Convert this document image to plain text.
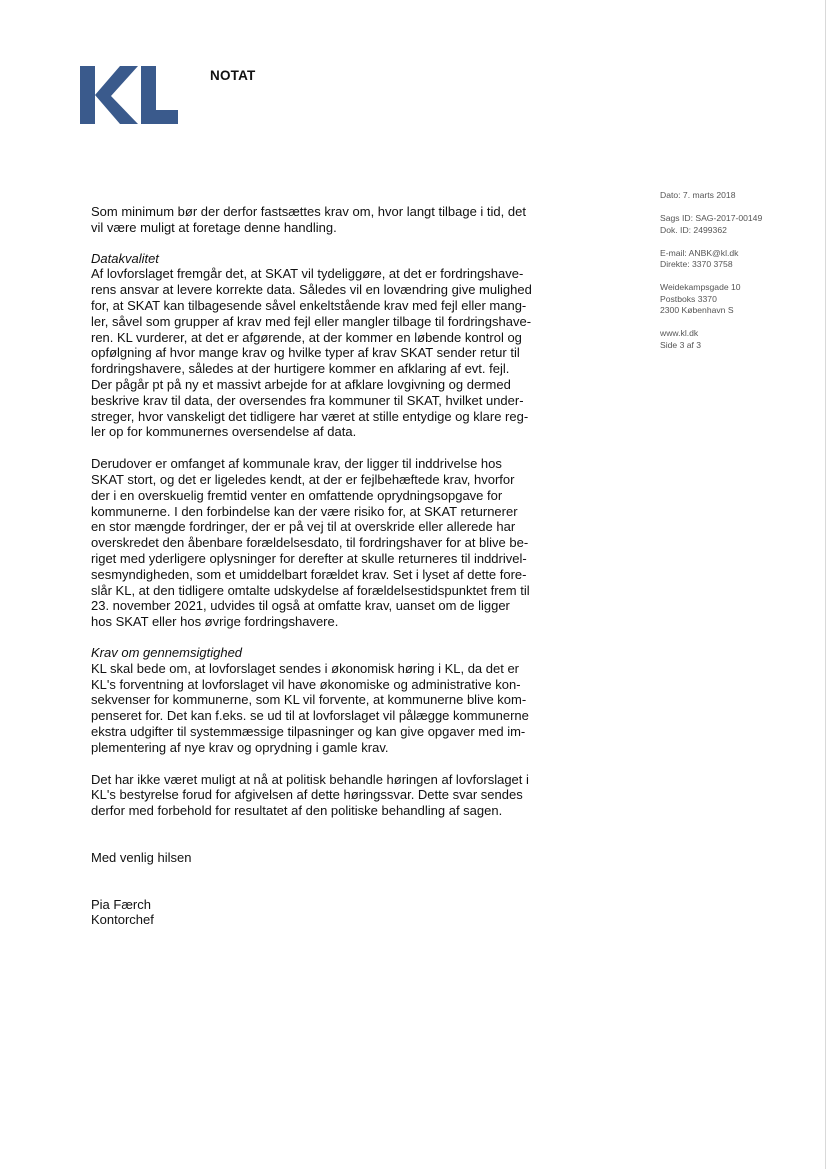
NOTAT
Dato: 7. marts 2018
Sags ID: SAG-2017-00149
Dok. ID: 2499362
E-mail: ANBK@kl.dk
Direkte: 3370 3758
Weidekampsgade 10
Postboks 3370
2300 København S
www.kl.dk
Side 3 af 3

Som minimum bør der derfor fastsættes krav om, hvor langt tilbage i tid, det
vil være muligt at foretage denne handling.

Datakvalitet

Af lovforslaget fremgår det, at SKAT vil tydeliggøre, at det er fordringshave-
rens ansvar at levere korrekte data. Således vil en lovændring give mulighed
for, at SKAT kan tilbagesende såvel enkeltstående krav med fejl eller mang-
ler, såvel som grupper af krav med fejl eller mangler tilbage til fordringshave-
ren. KL vurderer, at det er afgørende, at der kommer en løbende kontrol og
opfølgning af hvor mange krav og hvilke typer af krav SKAT sender retur til
fordringshavere, således at der hurtigere kommer en afklaring af evt. fejl.
Der pågår pt på ny et massivt arbejde for at afklare lovgivning og dermed
beskrive krav til data, der oversendes fra kommuner til SKAT, hvilket under-
streger, hvor vanskeligt det tidligere har været at stille entydige og klare reg-
ler op for kommunernes oversendelse af data.

Derudover er omfanget af kommunale krav, der ligger til inddrivelse hos
SKAT stort, og det er ligeledes kendt, at der er fejlbehæftede krav, hvorfor
der i en overskuelig fremtid venter en omfattende oprydningsopgave for
kommunerne. I den forbindelse kan der være risiko for, at SKAT returnerer
en stor mængde fordringer, der er på vej til at overskride eller allerede har
overskredet den åbenbare forældelsesdato, til fordringshaver for at blive be-
riget med yderligere oplysninger for derefter at skulle returneres til inddrivel-
sesmyndigheden, som et umiddelbart forældet krav. Set i lyset af dette fore-
slår KL, at den tidligere omtalte udskydelse af forældelsestidspunktet frem til
23. november 2021, udvides til også at omfatte krav, uanset om de ligger
hos SKAT eller hos øvrige fordringshavere.

Krav om gennemsigtighed

KL skal bede om, at lovforslaget sendes i økonomisk høring i KL, da det er
KL's forventning at lovforslaget vil have økonomiske og administrative kon-
sekvenser for kommunerne, som KL vil forvente, at kommunerne blive kom-
penseret for. Det kan f.eks. se ud til at lovforslaget vil pålægge kommunerne
ekstra udgifter til systemmæssige tilpasninger og kan give opgaver med im-
plementering af nye krav og oprydning i gamle krav.

Det har ikke været muligt at nå at politisk behandle høringen af lovforslaget i
KL's bestyrelse forud for afgivelsen af dette høringssvar. Dette svar sendes
derfor med forbehold for resultatet af den politiske behandling af sagen.

Med venlig hilsen

Pia Færch
Kontorchef
